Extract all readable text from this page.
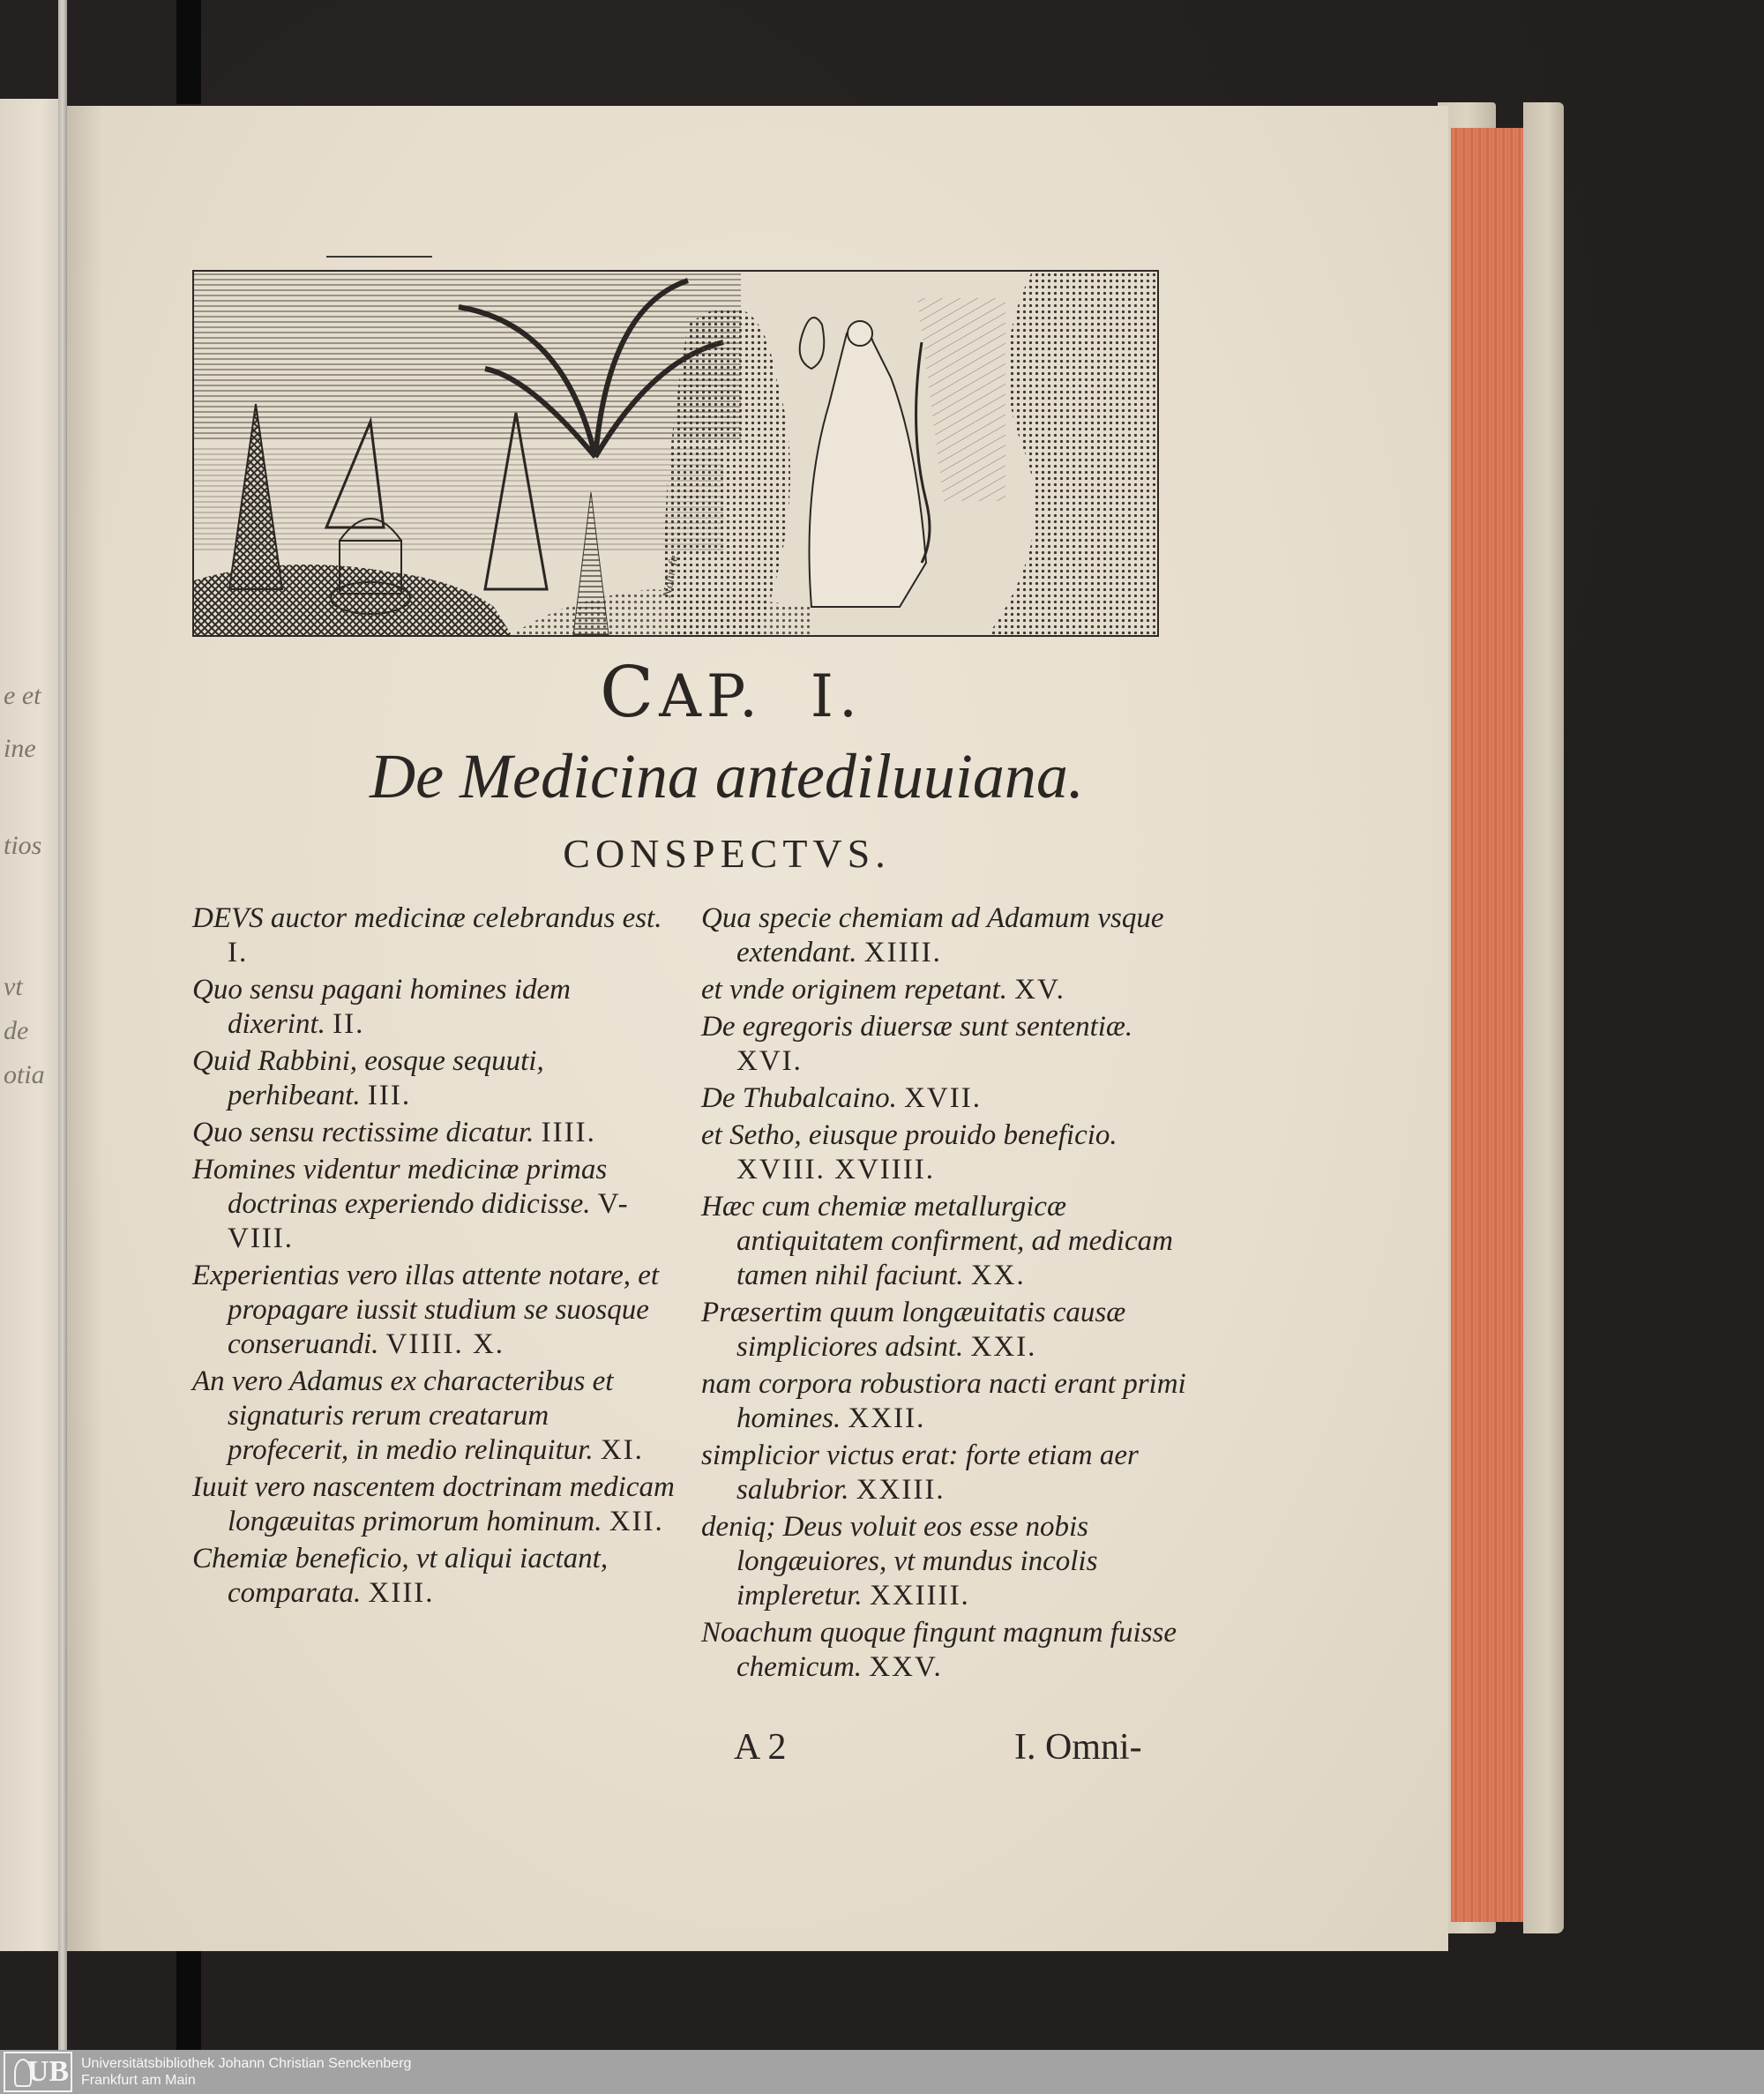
e et
ine
tios
vt
de
otia
Nolin fe.
CAP. I.
De Medicina antediluuiana.
CONSPECTVS.
DEVS auctor medicinæ celebrandus est. I.
Quo sensu pagani homines idem dixerint. II.
Quid Rabbini, eosque sequuti, perhibeant. III.
Quo sensu rectissime dicatur. IIII.
Homines videntur medicinæ primas doctrinas experiendo didicisse. V-VIII.
Experientias vero illas attente notare, et propagare iussit studium se suosque conseruandi. VIIII. X.
An vero Adamus ex characteribus et signaturis rerum creatarum profecerit, in medio relinquitur. XI.
Iuuit vero nascentem doctrinam medicam longæuitas primorum hominum. XII.
Chemiæ beneficio, vt aliqui iactant, comparata. XIII.
Qua specie chemiam ad Adamum vsque extendant. XIIII.
et vnde originem repetant. XV.
De egregoris diuersæ sunt sententiæ. XVI.
De Thubalcaino. XVII.
et Setho, eiusque prouido beneficio. XVIII. XVIIII.
Hæc cum chemiæ metallurgicæ antiquitatem confirment, ad medicam tamen nihil faciunt. XX.
Præsertim quum longæuitatis causæ simpliciores adsint. XXI.
nam corpora robustiora nacti erant primi homines. XXII.
simplicior victus erat: forte etiam aer salubrior. XXIII.
deniq; Deus voluit eos esse nobis longæuiores, vt mundus incolis impleretur. XXIIII.
Noachum quoque fingunt magnum fuisse chemicum. XXV.
A 2	I. Omni-
UB Universitätsbibliothek Johann Christian Senckenberg
Frankfurt am Main
